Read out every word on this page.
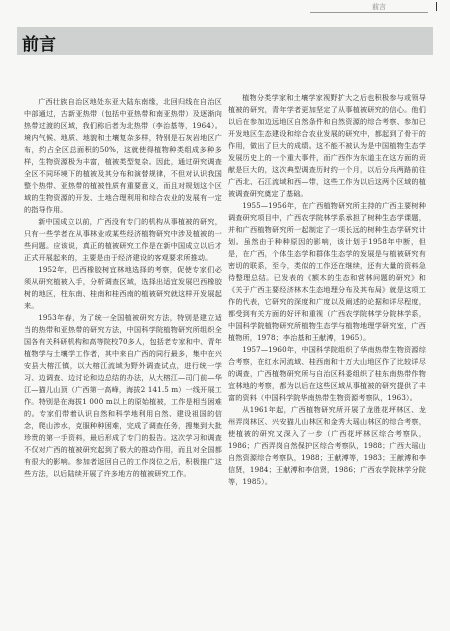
前言
前言

广西壮族自治区地处东亚大陆东南缘，北回归线在自治区中部通过，古新亚热带（包括中亚热带和南亚热带）及逐渐向热带过渡的区域，我们称后者为北热带（李治基等，1964）。境内气候、地质、地貌和土壤复杂多样，特别是石灰岩地区广布，约占全区总面积的50%，这就使得植物种类组成多种多样，生物资源极为丰富，植被类型复杂。因此，通过研究调查全区不同环境下的植被及其分布和演替规律，不但对认识我国整个热带、亚热带的植被性质有重要意义，而且对规划这个区域的生物资源的开发、土地合理利用和综合农业的发展有一定的指导作用。

新中国成立以前，广西没有专门的机构从事植被的研究，只有一些学者在从事林业或某些经济植物研究中涉及植被的一些问题。应该说，真正的植被研究工作是在新中国成立以后才正式开展起来的，主要是由于经济建设的客观要求所推动。

1952年，巴西橡胶树宜林地选择的考察，促使专家们必须从研究植被入手，分析调查区域，选择出适宜发展巴西橡胶树的地区，柱东南、桂南和桂西南的植被研究就这样开发展起来。

1953年春，为了统一全国植被研究方法，特别是建立适当的热带和亚热带的研究方法，中国科学院植物研究所组织全国各有关科研机构和高等院校70多人，包括老专家和中、青年植物学与土壤学工作者，其中来自广西的同行最多，集中在兴安县大榕江镇，以大榕江流域为野外调查试点，进行统一学习、边调查、边讨论和边总结的办法，从大榕江—司门前—华江—猫儿山顶（广西第一高峰，海拔2 141.5 m）一线开展工作。特别是在海拔1 000 m以上的原始植被，工作是相当困难的。专家们带着认识自然和科学地利用自然、建设祖国的信念，爬山涉水，克服种种困难，完成了调查任务，搜集到大批珍贵的第一手资料，最后形成了专门的报告。这次学习和调查不仅对广西的植被研究起到了极大的推动作用，而且对全国都有很大的影响。参加者返回自己的工作岗位之后，积极推广这些方法，以后陆续开展了许多地方的植被研究工作。

植物分类学家和土壤学家视野扩大之后也积极参与或领导植被的研究，青年学者更加坚定了从事植被研究的信心。他们以后在参加边远地区自然条件和自然资源的综合考察、参加已开发地区生态建设和综合农业发展的研究中，都起到了骨干的作用，做出了巨大的成绩。这不能不被认为是中国植物生态学发展历史上的一个重大事件，而广西作为东道主在这方面的贡献是巨大的，这次典型调查历时约一个月，以后分兵两路前往广西北、石江流域和西—带，这些工作为以后这两个区域的植被调查研究奠定了基础。

1955—1956年，在广西植物研究所主持的广西主要树种调查研究项目中，广西农学院林学系承担了树种生态学课题，并和广西植物研究所一起制定了一项长远的树种生态学研究计划。虽然由于种种原因的影响，该计划于1958年中断，但是，在广西，个体生态学和群体生态学的发展是与植被研究有密切的联系，至今，类似的工作还在继续，还有大量的资料急待整理总结。已发表的《额木的生态和营林问题的研究》和《关于广西主要经济林木生态地理分布及其布局》就是这项工作的代表，它研究的深度和广度以及阐述的论据和详尽程度，都受到有关方面的好评和重视（广西农学院林学分院林学系，中国科学院植物研究所植物生态学与植物地理学研究室，广西植物所，1978；李治基和王献溥，1965）。

1957—1960年，中国科学院组织了华南热带生物资源综合考察，在红水河流域、桂西南和十万大山地区作了比较详尽的调查，广西植物研究所与自治区科委组织了桂东南热带作物宜林地的考察，都为以后在这些区域从事植被的研究提供了丰富的资料（中国科学院华南热带生物资源考察队，1963）。

从1961年起，广西植物研究所开展了龙胜花坪林区、龙州弄岗林区、兴安猫儿山林区和金秀大瑶山林区的综合考察，使植被的研究又深入了一步（广西花坪林区综合考察队，1986；广西弄岗自然保护区综合考察队，1988；广西大瑶山自然资源综合考察队，1988；王献溥等，1983；王献溥和李信贤，1984；王献溥和李信贤，1986；广西农学院林学分院等，1985）。
